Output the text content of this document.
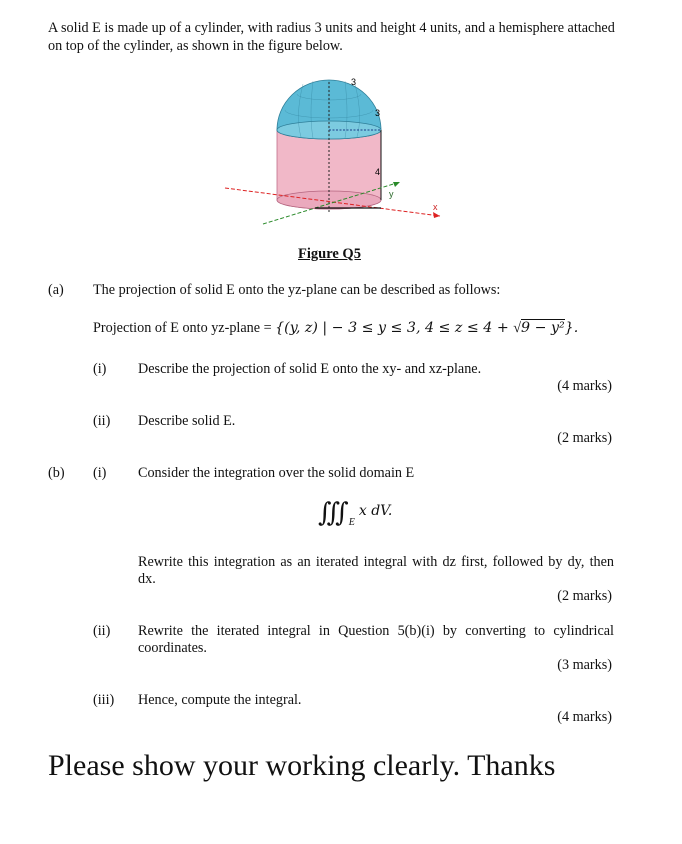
A solid E is made up of a cylinder, with radius 3 units and height 4 units, and a hemisphere attached on top of the cylinder, as shown in the figure below.
3
3
4
y
x
Figure Q5
(a) The projection of solid E onto the yz-plane can be described as follows:
Projection of E onto yz-plane = {(y, z) | − 3 ≤ y ≤ 3, 4 ≤ z ≤ 4 + √9 − y²}.
(i) Describe the projection of solid E onto the xy- and xz-plane.
(4 marks)
(ii) Describe solid E.
(2 marks)
(b) (i) Consider the integration over the solid domain E
$∭_E$ x dV.
Rewrite this integration as an iterated integral with dz first, followed by dy, then dx.
(2 marks)
(ii) Rewrite the iterated integral in Question 5(b)(i) by converting to cylindrical coordinates.
(3 marks)
(iii) Hence, compute the integral.
(4 marks)
Please show your working clearly. Thanks
